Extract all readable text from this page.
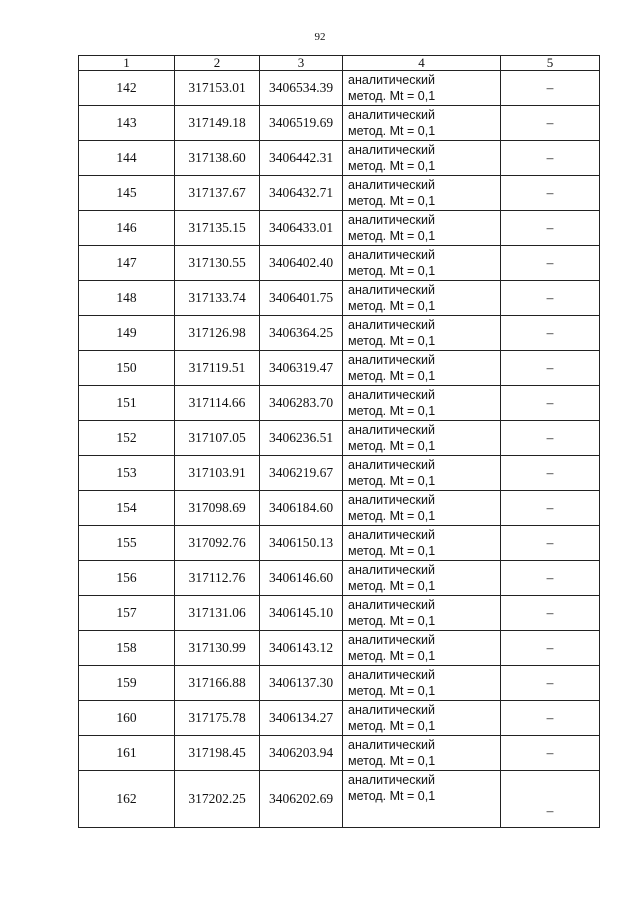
92
1	2	3	4	5
142	317153.01	3406534.39	аналитический
метод. Mt = 0,1	–
143	317149.18	3406519.69	аналитический
метод. Mt = 0,1	–
144	317138.60	3406442.31	аналитический
метод. Mt = 0,1	–
145	317137.67	3406432.71	аналитический
метод. Mt = 0,1	–
146	317135.15	3406433.01	аналитический
метод. Mt = 0,1	–
147	317130.55	3406402.40	аналитический
метод. Mt = 0,1	–
148	317133.74	3406401.75	аналитический
метод. Mt = 0,1	–
149	317126.98	3406364.25	аналитический
метод. Mt = 0,1	–
150	317119.51	3406319.47	аналитический
метод. Mt = 0,1	–
151	317114.66	3406283.70	аналитический
метод. Mt = 0,1	–
152	317107.05	3406236.51	аналитический
метод. Mt = 0,1	–
153	317103.91	3406219.67	аналитический
метод. Mt = 0,1	–
154	317098.69	3406184.60	аналитический
метод. Mt = 0,1	–
155	317092.76	3406150.13	аналитический
метод. Mt = 0,1	–
156	317112.76	3406146.60	аналитический
метод. Mt = 0,1	–
157	317131.06	3406145.10	аналитический
метод. Mt = 0,1	–
158	317130.99	3406143.12	аналитический
метод. Mt = 0,1	–
159	317166.88	3406137.30	аналитический
метод. Mt = 0,1	–
160	317175.78	3406134.27	аналитический
метод. Mt = 0,1	–
161	317198.45	3406203.94	аналитический
метод. Mt = 0,1	–
162	317202.25	3406202.69	аналитический
метод. Mt = 0,1	–
